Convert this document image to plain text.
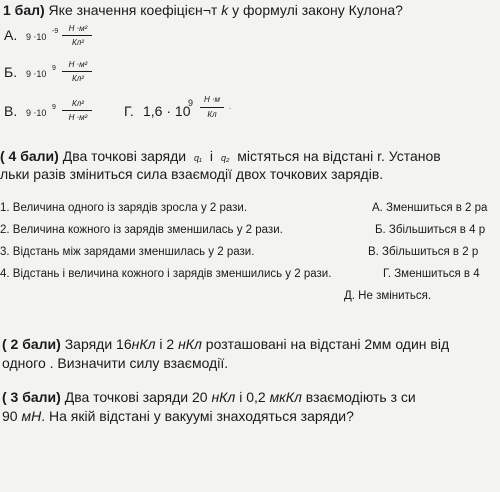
1 бал) Яке значення коефіцієн¬т k у формулі закону Кулона?
А. 9 ⋅10
-9	Н ⋅м²
Кл²
Б. 9 ⋅10
9	Н ⋅м²
Кл²
В. 9 ⋅10
9	Кл²
Н ⋅м²	Г. 1,6 · 10
9	Н ⋅м
Кл
.
( 4 бали) Два точкові заряди q₁ і q₂ містяться на відстані r. Установ
льки разів зміниться сила взаємодії двох точкових зарядів.
1. Величина одного із зарядів зросла у 2 рази.
2. Величина кожного із зарядів зменшилась у 2 рази.
3. Відстань між зарядами зменшилась у 2 рази.
4. Відстань і величина кожного і зарядів зменшились у 2 рази.
А. Зменшиться в 2 ра
Б. Збільшиться в 4 р
В. Збільшиться в 2 р
Г. Зменшиться в 4
Д. Не зміниться.
( 2 бали) Заряди 16нКл і 2 нКл розташовані на відстані 2мм один від
одного . Визначити силу взаємодії.
( 3 бали) Два точкові заряди 20 нКл і 0,2 мкКл взаємодіють з си
90 мН. На якій відстані у вакуумі знаходяться заряди?
